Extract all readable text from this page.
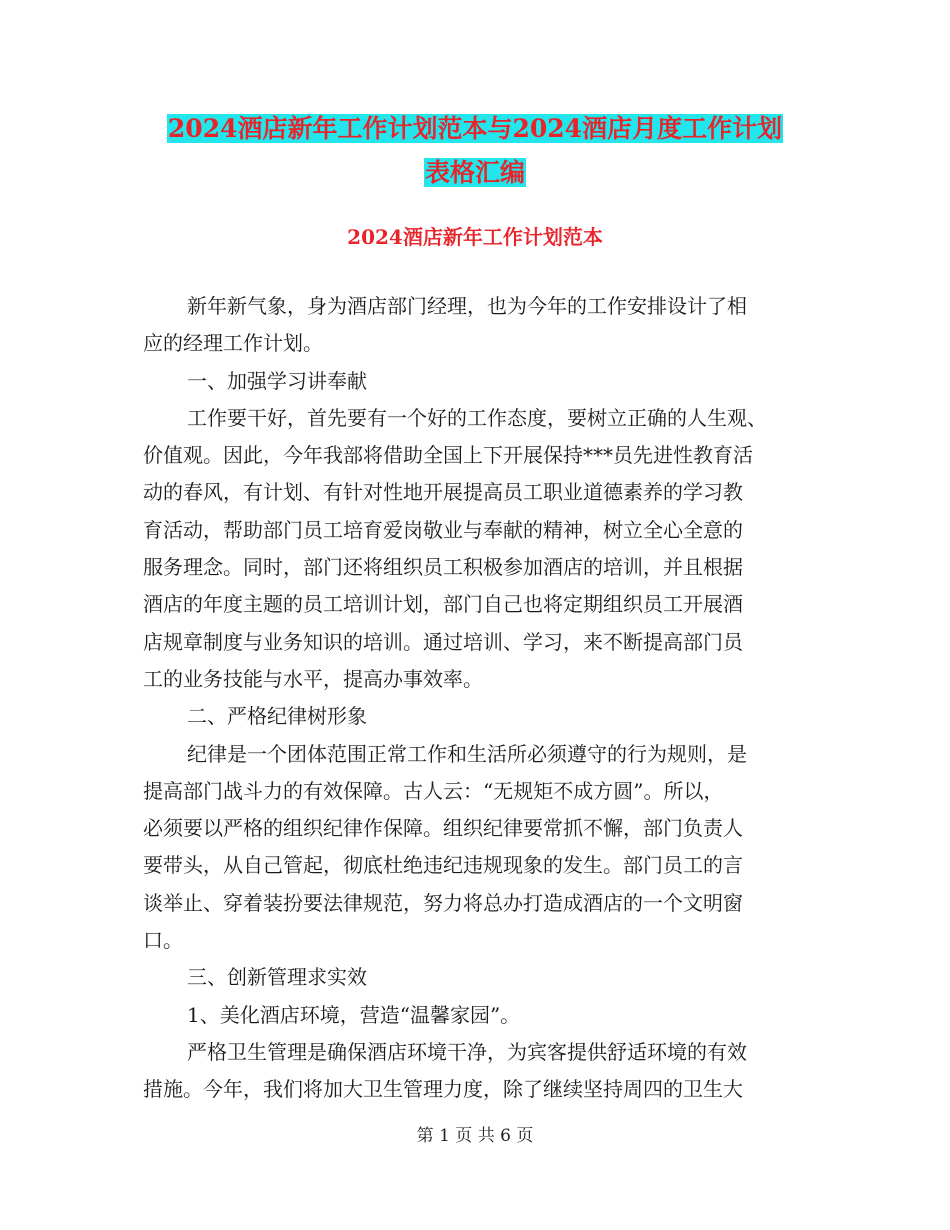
2024酒店新年工作计划范本与2024酒店月度工作计划
表格汇编
2024酒店新年工作计划范本
新年新气象，身为酒店部门经理，也为今年的工作安排设计了相
应的经理工作计划。
一、加强学习讲奉献
工作要干好，首先要有一个好的工作态度，要树立正确的人生观、
价值观。因此，今年我部将借助全国上下开展保持***员先进性教育活
动的春风，有计划、有针对性地开展提高员工职业道德素养的学习教
育活动，帮助部门员工培育爱岗敬业与奉献的精神，树立全心全意的
服务理念。同时，部门还将组织员工积极参加酒店的培训，并且根据
酒店的年度主题的员工培训计划，部门自己也将定期组织员工开展酒
店规章制度与业务知识的培训。通过培训、学习，来不断提高部门员
工的业务技能与水平，提高办事效率。
二、严格纪律树形象
纪律是一个团体范围正常工作和生活所必须遵守的行为规则，是
提高部门战斗力的有效保障。古人云：“无规矩不成方圆”。所以，
必须要以严格的组织纪律作保障。组织纪律要常抓不懈，部门负责人
要带头，从自己管起，彻底杜绝违纪违规现象的发生。部门员工的言
谈举止、穿着装扮要法律规范，努力将总办打造成酒店的一个文明窗
口。
三、创新管理求实效
1、美化酒店环境，营造“温馨家园”。
严格卫生管理是确保酒店环境干净，为宾客提供舒适环境的有效
措施。今年，我们将加大卫生管理力度，除了继续坚持周四的卫生大
第 1 页 共 6 页
